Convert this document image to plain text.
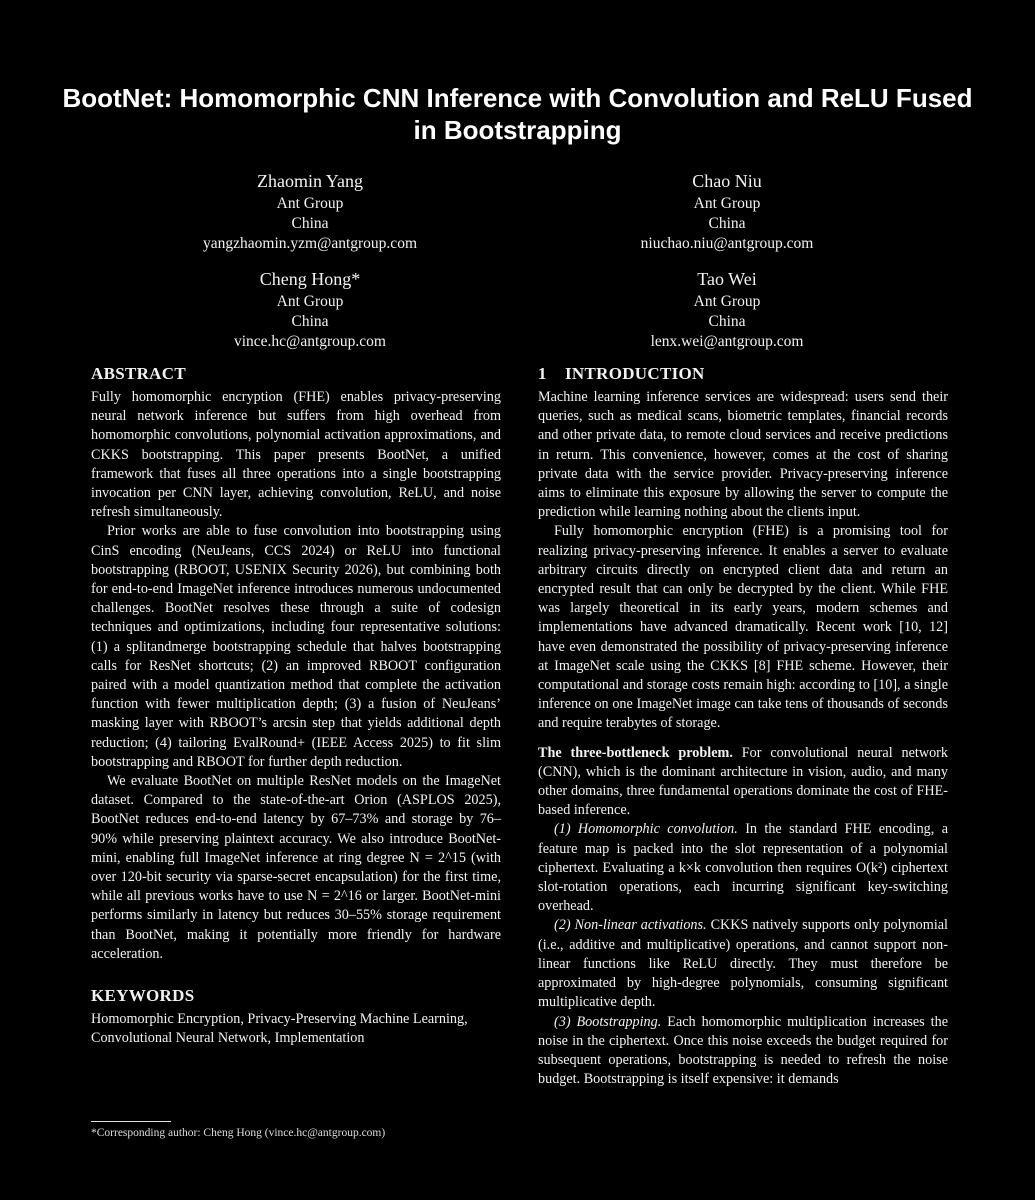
BootNet: Homomorphic CNN Inference with Convolution and ReLU Fused in Bootstrapping
Zhaomin Yang
Ant Group
China
yangzhaomin.yzm@antgroup.com
Chao Niu
Ant Group
China
niuchao.niu@antgroup.com
Cheng Hong*
Ant Group
China
vince.hc@antgroup.com
Tao Wei
Ant Group
China
lenx.wei@antgroup.com
ABSTRACT

Fully homomorphic encryption (FHE) enables privacy-preserving neural network inference but suffers from high overhead from homomorphic convolutions, polynomial activation approximations, and CKKS bootstrapping. This paper presents BootNet, a unified framework that fuses all three operations into a single bootstrapping invocation per CNN layer, achieving convolution, ReLU, and noise refresh simultaneously.

Prior works are able to fuse convolution into bootstrapping using CinS encoding (NeuJeans, CCS 2024) or ReLU into functional bootstrapping (RBOOT, USENIX Security 2026), but combining both for end-to-end ImageNet inference introduces numerous undocumented challenges. BootNet resolves these through a suite of codesign techniques and optimizations, including four representative solutions: (1) a splitandmerge bootstrapping schedule that halves bootstrapping calls for ResNet shortcuts; (2) an improved RBOOT configuration paired with a model quantization method that complete the activation function with fewer multiplication depth; (3) a fusion of NeuJeans’ masking layer with RBOOT’s arcsin step that yields additional depth reduction; (4) tailoring EvalRound+ (IEEE Access 2025) to fit slim bootstrapping and RBOOT for further depth reduction.

We evaluate BootNet on multiple ResNet models on the ImageNet dataset. Compared to the state-of-the-art Orion (ASPLOS 2025), BootNet reduces end-to-end latency by 67–73% and storage by 76–90% while preserving plaintext accuracy. We also introduce BootNet-mini, enabling full ImageNet inference at ring degree N = 2^15 (with over 120-bit security via sparse-secret encapsulation) for the first time, while all previous works have to use N = 2^16 or larger. BootNet-mini performs similarly in latency but reduces 30–55% storage requirement than BootNet, making it potentially more friendly for hardware acceleration.

KEYWORDS

Homomorphic Encryption, Privacy-Preserving Machine Learning, Convolutional Neural Network, Implementation

1    INTRODUCTION

Machine learning inference services are widespread: users send their queries, such as medical scans, biometric templates, financial records and other private data, to remote cloud services and receive predictions in return. This convenience, however, comes at the cost of sharing private data with the service provider. Privacy-preserving inference aims to eliminate this exposure by allowing the server to compute the prediction while learning nothing about the clients input.

Fully homomorphic encryption (FHE) is a promising tool for realizing privacy-preserving inference. It enables a server to evaluate arbitrary circuits directly on encrypted client data and return an encrypted result that can only be decrypted by the client. While FHE was largely theoretical in its early years, modern schemes and implementations have advanced dramatically. Recent work [10, 12] have even demonstrated the possibility of privacy-preserving inference at ImageNet scale using the CKKS [8] FHE scheme. However, their computational and storage costs remain high: according to [10], a single inference on one ImageNet image can take tens of thousands of seconds and require terabytes of storage.

The three-bottleneck problem. For convolutional neural network (CNN), which is the dominant architecture in vision, audio, and many other domains, three fundamental operations dominate the cost of FHE-based inference.

(1) Homomorphic convolution. In the standard FHE encoding, a feature map is packed into the slot representation of a polynomial ciphertext. Evaluating a k×k convolution then requires O(k²) ciphertext slot-rotation operations, each incurring significant key-switching overhead.

(2) Non-linear activations. CKKS natively supports only polynomial (i.e., additive and multiplicative) operations, and cannot support non-linear functions like ReLU directly. They must therefore be approximated by high-degree polynomials, consuming significant multiplicative depth.

(3) Bootstrapping. Each homomorphic multiplication increases the noise in the ciphertext. Once this noise exceeds the budget required for subsequent operations, bootstrapping is needed to refresh the noise budget. Bootstrapping is itself expensive: it demands

*Corresponding author: Cheng Hong (vince.hc@antgroup.com)
